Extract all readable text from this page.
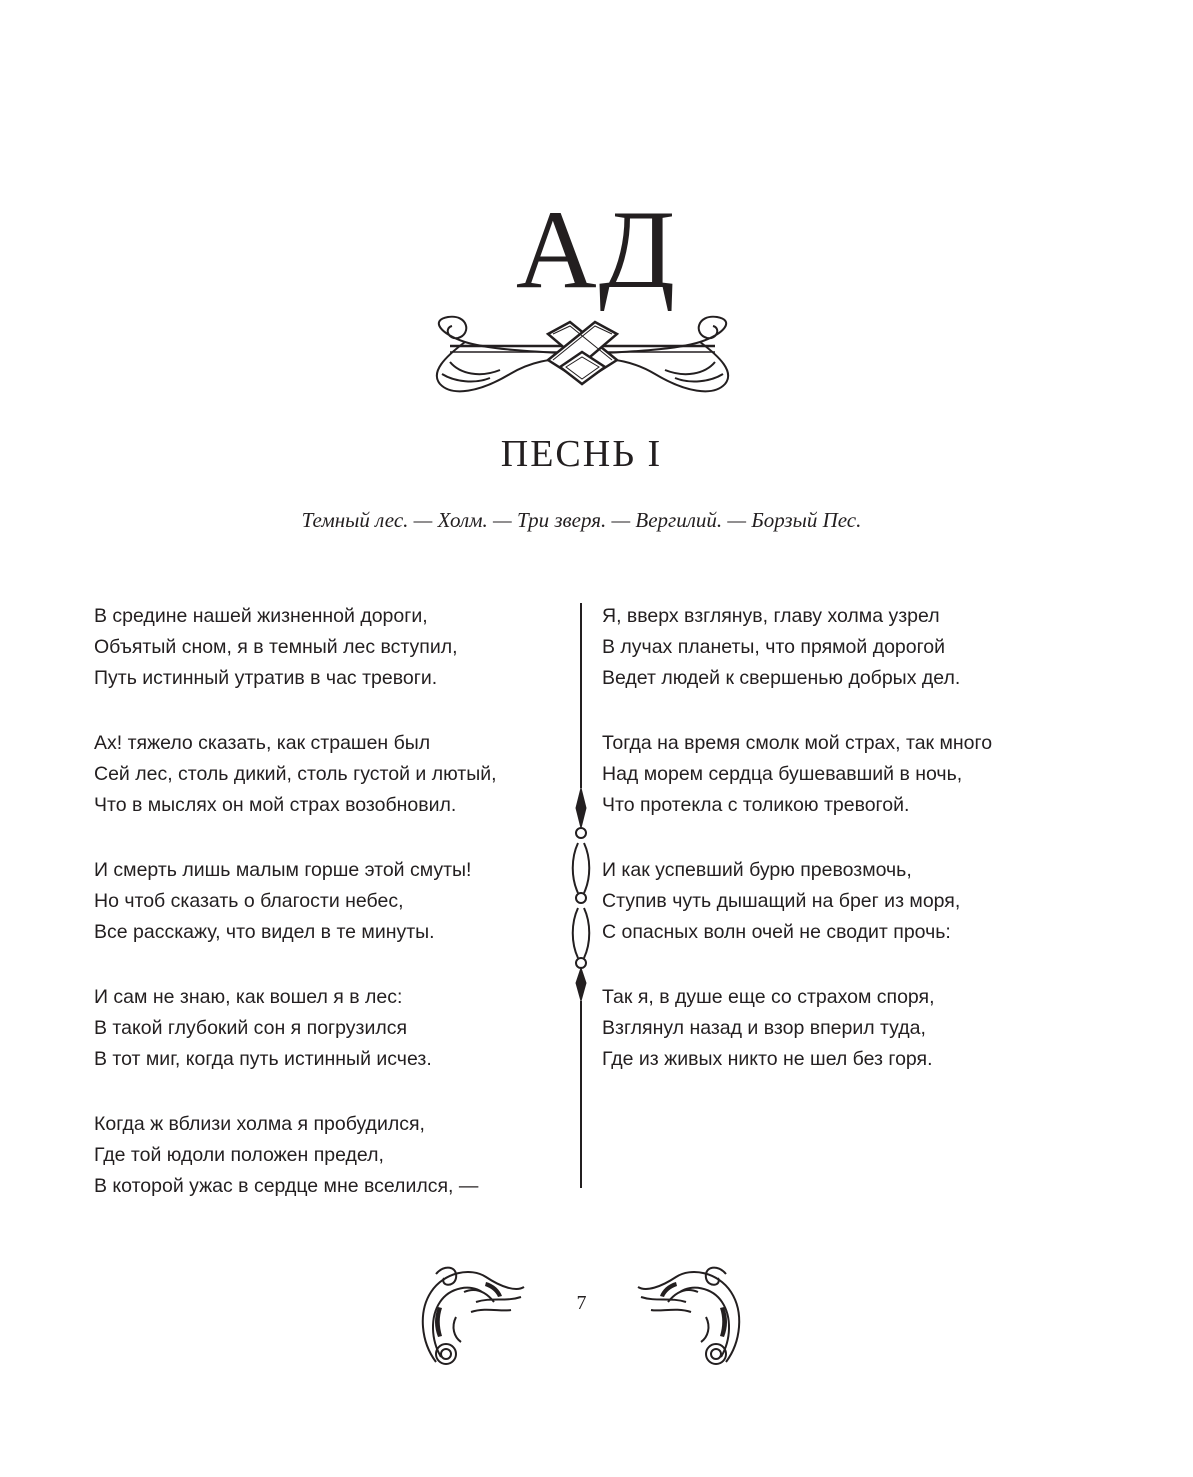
АД
ПЕСНЬ I
Темный лес. — Холм. — Три зверя. — Вергилий. — Борзый Пес.
В средине нашей жизненной дороги,
Объятый сном, я в темный лес вступил,
Путь истинный утратив в час тревоги.
Ах! тяжело сказать, как страшен был
Сей лес, столь дикий, столь густой и лютый,
Что в мыслях он мой страх возобновил.
И смерть лишь малым горше этой смуты!
Но чтоб сказать о благости небес,
Все расскажу, что видел в те минуты.
И сам не знаю, как вошел я в лес:
В такой глубокий сон я погрузился
В тот миг, когда путь истинный исчез.
Когда ж вблизи холма я пробудился,
Где той юдоли положен предел,
В которой ужас в сердце мне вселился, —
Я, вверх взглянув, главу холма узрел
В лучах планеты, что прямой дорогой
Ведет людей к свершенью добрых дел.
Тогда на время смолк мой страх, так много
Над морем сердца бушевавший в ночь,
Что протекла с толикою тревогой.
И как успевший бурю превозмочь,
Ступив чуть дышащий на брег из моря,
С опасных волн очей не сводит прочь:
Так я, в душе еще со страхом споря,
Взглянул назад и взор вперил туда,
Где из живых никто не шел без горя.
7
